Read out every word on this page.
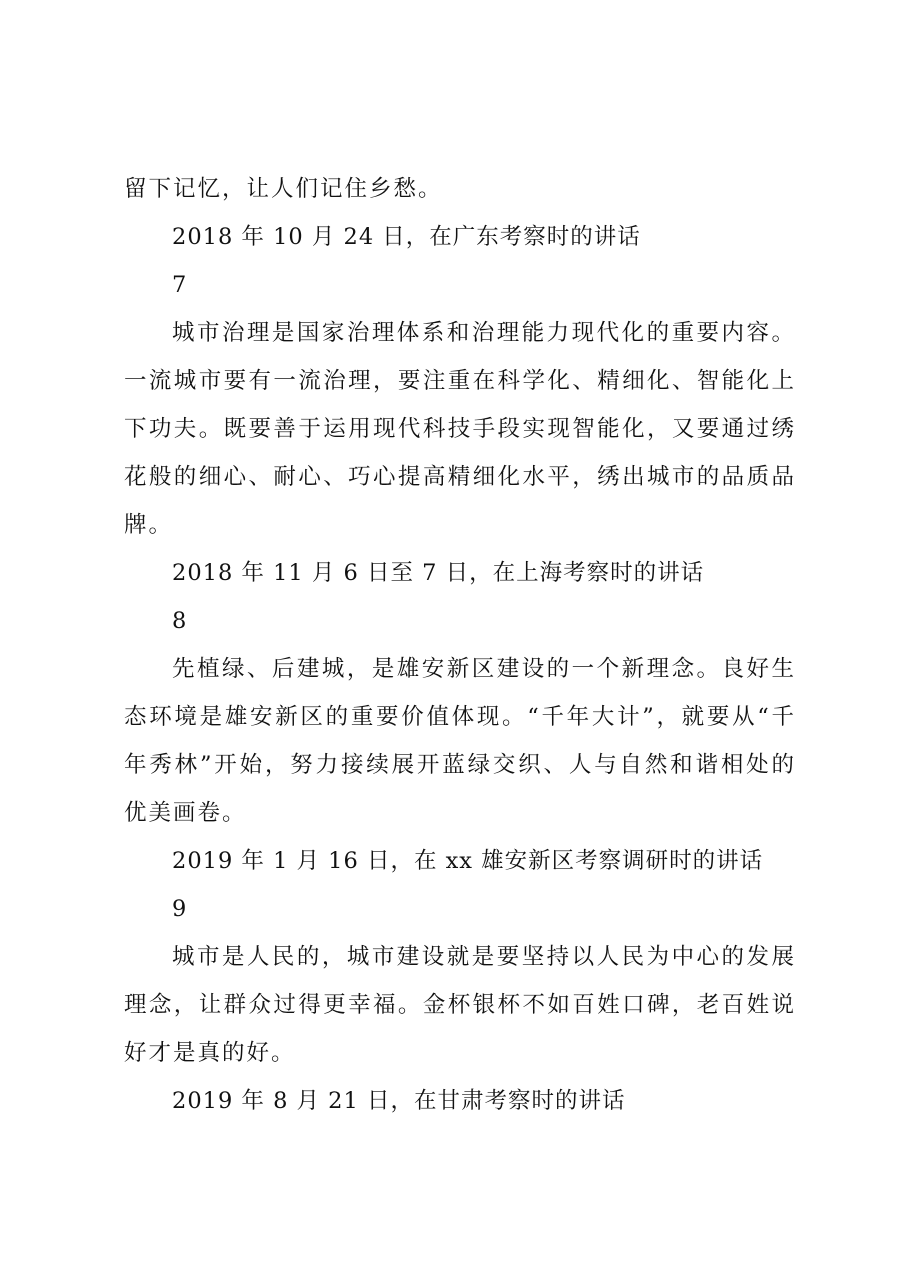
留下记忆，让人们记住乡愁。

2018 年 10 月 24 日，在广东考察时的讲话

7

城市治理是国家治理体系和治理能力现代化的重要内容。一流城市要有一流治理，要注重在科学化、精细化、智能化上下功夫。既要善于运用现代科技手段实现智能化，又要通过绣花般的细心、耐心、巧心提高精细化水平，绣出城市的品质品牌。

2018 年 11 月 6 日至 7 日，在上海考察时的讲话

8

先植绿、后建城，是雄安新区建设的一个新理念。良好生态环境是雄安新区的重要价值体现。“千年大计”，就要从“千年秀林”开始，努力接续展开蓝绿交织、人与自然和谐相处的优美画卷。

2019 年 1 月 16 日，在 xx 雄安新区考察调研时的讲话

9

城市是人民的，城市建设就是要坚持以人民为中心的发展理念，让群众过得更幸福。金杯银杯不如百姓口碑，老百姓说好才是真的好。

2019 年 8 月 21 日，在甘肃考察时的讲话
